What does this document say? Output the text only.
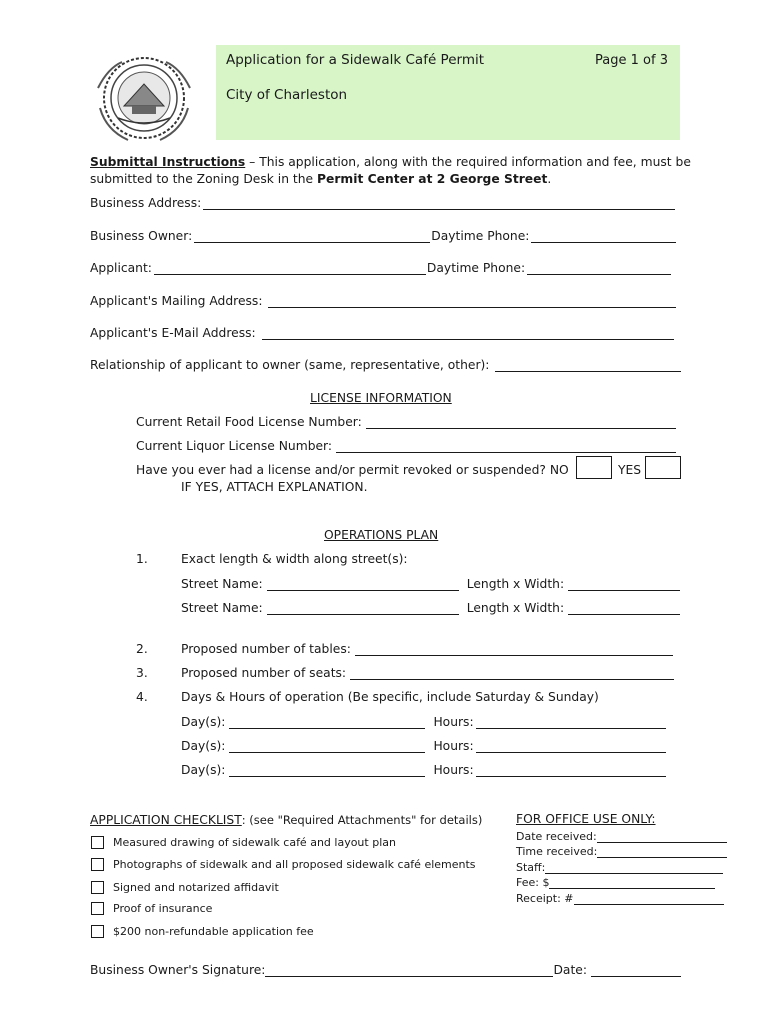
Application for a Sidewalk Café Permit	Page 1 of 3
City of Charleston
Submittal Instructions – This application, along with the required information and fee, must be
submitted to the Zoning Desk in the Permit Center at 2 George Street.
Business Address:
Business Owner:	Daytime Phone:
Applicant:	Daytime Phone:
Applicant's Mailing Address:
Applicant's E-Mail Address:
Relationship of applicant to owner (same, representative, other):
LICENSE INFORMATION
Current Retail Food License Number:
Current Liquor License Number:
Have you ever had a license and/or permit revoked or suspended? NO	YES
IF YES, ATTACH EXPLANATION.
OPERATIONS PLAN
1.	Exact length & width along street(s):
Street Name:	Length x Width:
Street Name:	Length x Width:
2.	Proposed number of tables:
3.	Proposed number of seats:
4.	Days & Hours of operation (Be specific, include Saturday & Sunday)
Day(s):	Hours:
Day(s):	Hours:
Day(s):	Hours:
APPLICATION CHECKLIST: (see "Required Attachments" for details)
Measured drawing of sidewalk café and layout plan
Photographs of sidewalk and all proposed sidewalk café elements
Signed and notarized affidavit
Proof of insurance
$200 non-refundable application fee
FOR OFFICE USE ONLY:
Date received:
Time received:
Staff:
Fee: $
Receipt: #
Business Owner's Signature:	Date:
